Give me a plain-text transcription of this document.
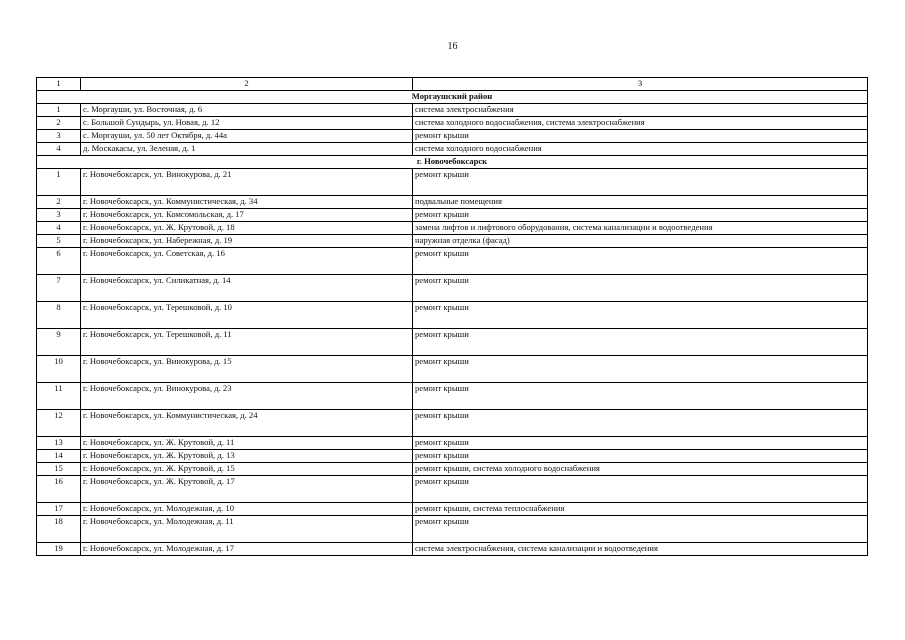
16
1	2	3
Моргаушский район		
1	с. Моргауши, ул. Восточная, д. 6	система электроснабжения
2	с. Большой Сундырь, ул. Новая, д. 12	система холодного водоснабжения, система электроснабжения
3	с. Моргауши, ул. 50 лет Октября, д. 44а	ремонт крыши
4	д. Москакасы, ул. Зеленая, д. 1	система холодного водоснабжения
г. Новочебоксарск		
1	г. Новочебоксарск, ул. Винокурова, д. 21	ремонт крыши
2	г. Новочебоксарск, ул. Коммунистическая, д. 34	подвальные помещения
3	г. Новочебоксарск, ул. Комсомольская, д. 17	ремонт крыши
4	г. Новочебоксарск, ул. Ж. Крутовой, д. 18	замена лифтов и лифтового оборудования, система канализации и водоотведения
5	г. Новочебоксарск, ул. Набережная, д. 19	наружная отделка (фасад)
6	г. Новочебоксарск, ул. Советская, д. 16	ремонт крыши
7	г. Новочебоксарск, ул. Силикатная, д. 14	ремонт крыши
8	г. Новочебоксарск, ул. Терешковой, д. 10	ремонт крыши
9	г. Новочебоксарск, ул. Терешковой, д. 11	ремонт крыши
10	г. Новочебоксарск, ул. Винокурова, д. 15	ремонт крыши
11	г. Новочебоксарск, ул. Винокурова, д. 23	ремонт крыши
12	г. Новочебоксарск, ул. Коммунистическая, д. 24	ремонт крыши
13	г. Новочебоксарск, ул. Ж. Крутовой, д. 11	ремонт крыши
14	г. Новочебоксарск, ул. Ж. Крутовой, д. 13	ремонт крыши
15	г. Новочебоксарск, ул. Ж. Крутовой, д. 15	ремонт крыши, система холодного водоснабжения
16	г. Новочебоксарск, ул. Ж. Крутовой, д. 17	ремонт крыши
17	г. Новочебоксарск, ул. Молодежная, д. 10	ремонт крыши, система теплоснабжения
18	г. Новочебоксарск, ул. Молодежная, д. 11	ремонт крыши
19	г. Новочебоксарск, ул. Молодежная, д. 17	система электроснабжения, система канализации и водоотведения
